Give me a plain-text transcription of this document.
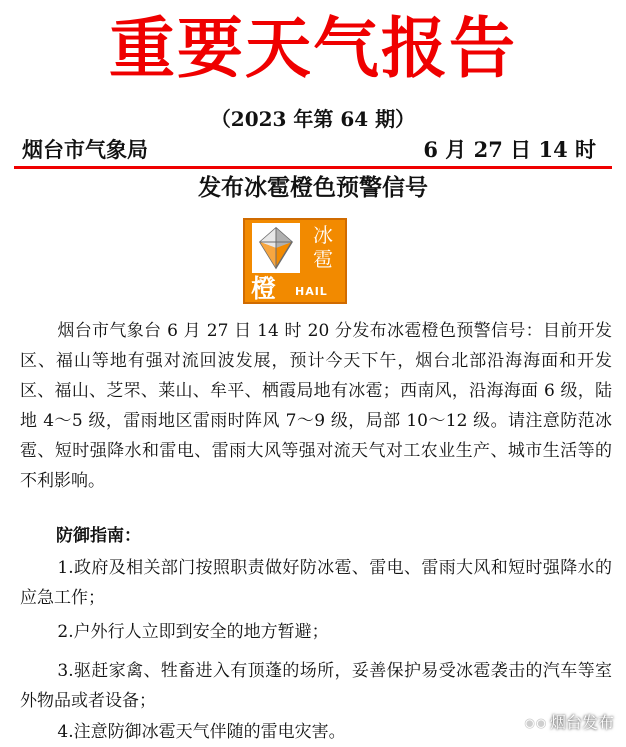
重要天气报告
（2023 年第 64 期）
烟台市气象局	6 月 27 日 14 时
发布冰雹橙色预警信号
冰
雹
橙 HAIL

烟台市气象台 6 月 27 日 14 时 20 分发布冰雹橙色预警信号：目前开发区、福山等地有强对流回波发展，预计今天下午，烟台北部沿海海面和开发区、福山、芝罘、莱山、牟平、栖霞局地有冰雹；西南风，沿海海面 6 级，陆地 4～5 级，雷雨地区雷雨时阵风 7～9 级，局部 10～12 级。请注意防范冰雹、短时强降水和雷电、雷雨大风等强对流天气对工农业生产、城市生活等的不利影响。

防御指南：

1.政府及相关部门按照职责做好防冰雹、雷电、雷雨大风和短时强降水的应急工作；

2.户外行人立即到安全的地方暂避；

3.驱赶家禽、牲畜进入有顶蓬的场所，妥善保护易受冰雹袭击的汽车等室外物品或者设备；

4.注意防御冰雹天气伴随的雷电灾害。	◉◉ 烟台发布
